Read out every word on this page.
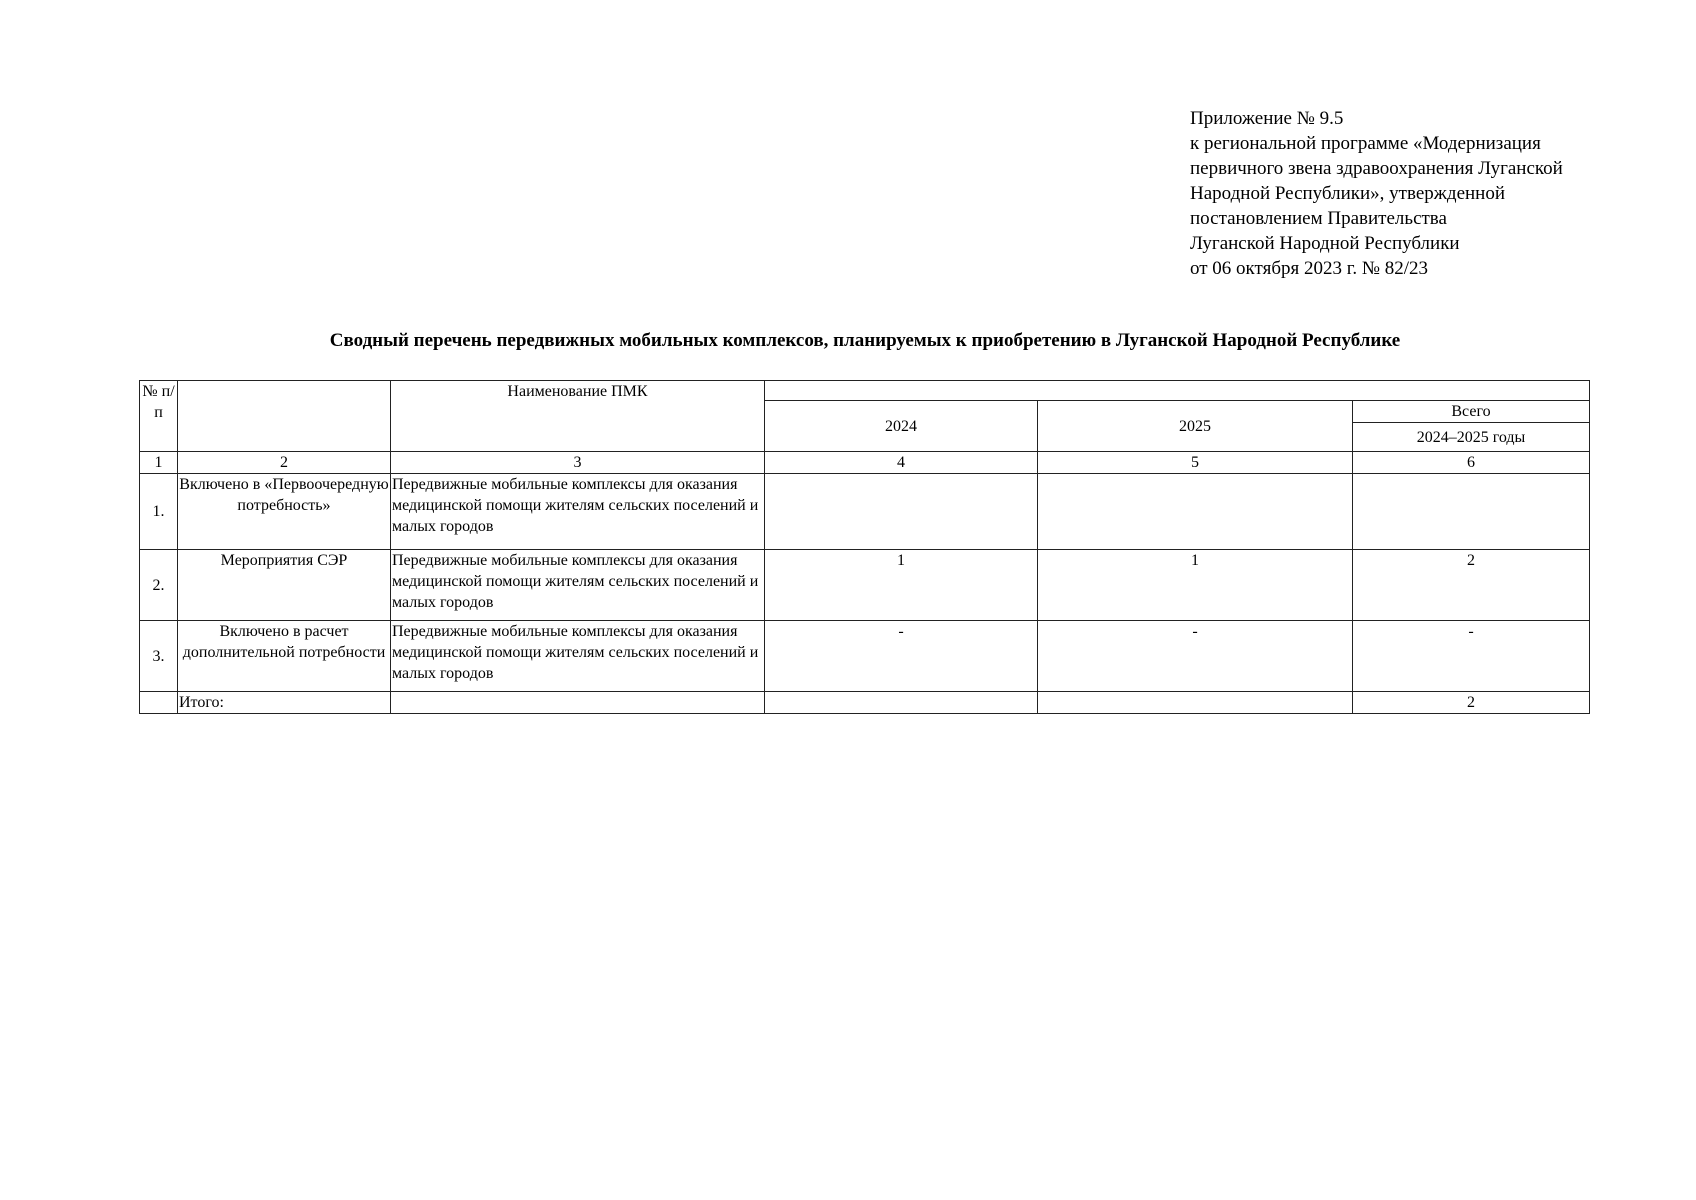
Приложение № 9.5
к региональной программе «Модернизация
первичного звена здравоохранения Луганской
Народной Республики», утвержденной
постановлением Правительства
Луганской Народной Республики
от 06 октября 2023 г. № 82/23
Сводный перечень передвижных мобильных комплексов, планируемых к приобретению в Луганской Народной Республике
№ п/п		Наименование ПМК			
			2024	2025	Всего
					2024–2025 годы
1	2	3	4	5	6
1.	Включено в «Первоочередную потребность»	Передвижные мобильные комплексы для оказания медицинской помощи жителям сельских поселений и малых городов			
2.	Мероприятия СЭР	Передвижные мобильные комплексы для оказания медицинской помощи жителям сельских поселений и малых городов	1	1	2
3.	Включено в расчет дополнительной потребности	Передвижные мобильные комплексы для оказания медицинской помощи жителям сельских поселений и малых городов	-	-	-
	Итого:				2
